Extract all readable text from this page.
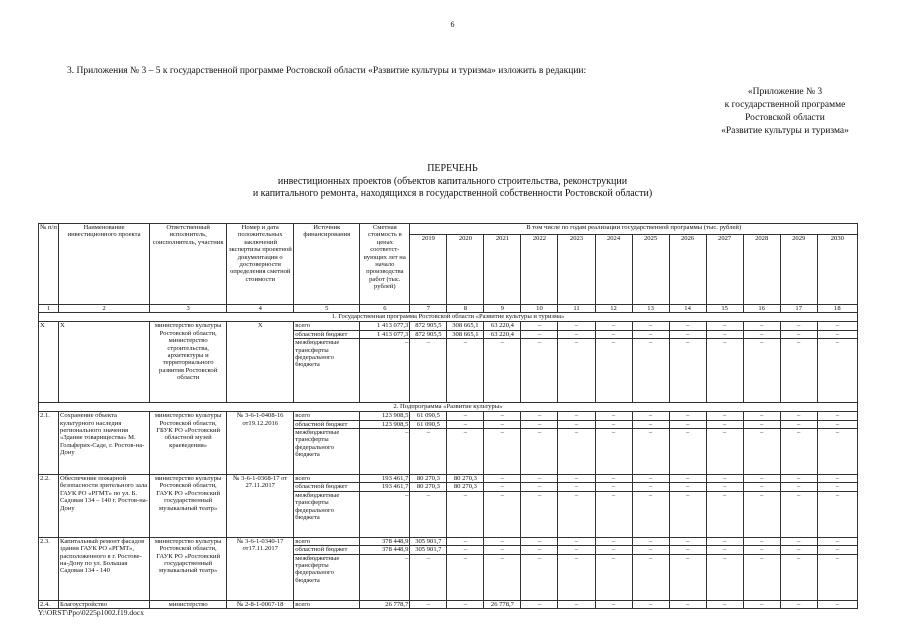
6
3. Приложения № 3 – 5 к государственной программе Ростовской области «Развитие культуры и туризма» изложить в редакции:
«Приложение № 3
к государственной программе
Ростовской области
«Развитие культуры и туризма»
ПЕРЕЧЕНЬ
инвестиционных проектов (объектов капитального строительства, реконструкции
и капитального ремонта, находящихся в государственной собственности Ростовской области)
№ п/п	Наименование инвестиционного проекта	Ответственный исполнитель, соисполнитель, участник	Номер и дата положительных заключений экспертизы проектной документации о достоверности определения сметной стоимости	Источник финансирования	Сметная стоимость в ценах соответст-вующих лет на начало производства работ (тыс. рублей)	В том числе по годам реализации государственной программы (тыс. рублей)											
						2019	2020	2021	2022	2023	2024	2025	2026	2027	2028	2029	2030
1	2	3	4	5	6	7	8	9	10	11	12	13	14	15	16	17	18
1. Государственная программа Ростовской области «Развитие культуры и туризма»																	
Х	Х	министерство культуры Ростовской области, министерство строительства, архитектуры и территориального развития Ростовской области	Х	всего	1 413 077,3	872 905,5	308 665,1	63 220,4	–	–	–	–	–	–	–	–	–
				областной бюджет	1 413 077,3	872 905,5	308 665,1	63 220,4	–	–	–	–	–	–	–	–	–
				межбюджетные трансферты федерального бюджета	–	–	–	–	–	–	–	–	–	–	–	–	–
2. Подпрограмма «Развитие культуры»																	
2.1.	Сохранение объекта культурного наследия регионального значения «Здание товарищества» М. Гольферих-Саде, г. Ростов-на-Дону	министерство культуры Ростовской области, ГБУК РО «Ростовский областной музей краеведения»	№ 3-6-1-0408-16 от19.12.2016	всего	123 908,5	61 090,5	–	–	–	–	–	–	–	–	–	–	–
				областной бюджет	123 908,5	61 090,5	–	–	–	–	–	–	–	–	–	–	–
				межбюджетные трансферты федерального бюджета	–	–	–	–	–	–	–	–	–	–	–	–	–
2.2.	Обеспечение пожарной безопасности зрительного зала ГАУК РО «РГМТ» по ул. Б. Садовая 134 – 140 г. Ростов-на-Дону	министерство культуры Ростовской области, ГАУК РО «Ростовский государственный музыкальный театр»	№ 3-6-1-0368-17 от 27.11.2017	всего	193 461,7	80 270,3	80 270,3	–	–	–	–	–	–	–	–	–	–
				областной бюджет	193 461,7	80 270,3	80 270,3	–	–	–	–	–	–	–	–	–	–
				межбюджетные трансферты федерального бюджета	–	–	–	–	–	–	–	–	–	–	–	–	–
2.3.	Капитальный ремонт фасадов здания ГАУК РО «РГМТ», расположенного в г. Ростове-на-Дону по ул. Большая Садовая 134 - 140	министерство культуры Ростовской области, ГАУК РО «Ростовский государственный музыкальный театр»	№ 3-6-1-0340-17 от17.11.2017	всего	378 448,9	305 901,7	–	–	–	–	–	–	–	–	–	–	–
				областной бюджет	378 448,9	305 901,7	–	–	–	–	–	–	–	–	–	–	–
				межбюджетные трансферты федерального бюджета	–	–	–	–	–	–	–	–	–	–	–	–	–
2.4.	Благоустройство	министерство	№ 2-8-1-0067-18	всего	26 778,7	–	–	26 778,7	–	–	–	–	–	–	–	–	–
Y:\ORST\Ppo\0225p1002.f19.docx
